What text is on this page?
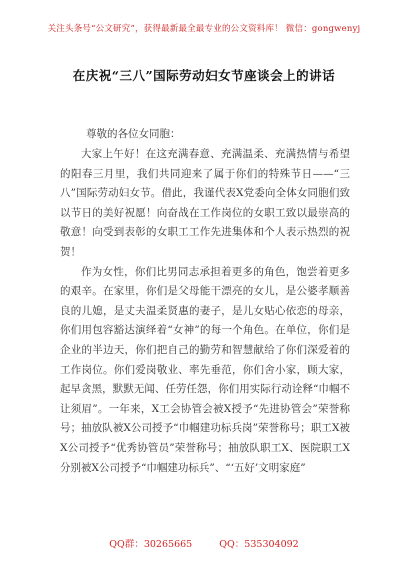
关注头条号“公文研究”，获得最新最全最专业的公文资料库！ 微信：gongwenyj
在庆祝“三八”国际劳动妇女节座谈会上的讲话
尊敬的各位女同胞：

大家上午好！在这充满春意、充满温柔、充满热情与希望的阳春三月里，我们共同迎来了属于你们的特殊节日——“三八”国际劳动妇女节。借此，我谨代表X党委向全体女同胞们致以节日的美好祝愿！向奋战在工作岗位的女职工致以最崇高的敬意！向受到表彰的女职工工作先进集体和个人表示热烈的祝贺！

作为女性，你们比男同志承担着更多的角色，饱尝着更多的艰辛。在家里，你们是父母能干漂亮的女儿，是公婆孝顺善良的儿媳，是丈夫温柔贤惠的妻子，是儿女贴心依恋的母亲，你们用包容豁达演绎着“女神”的每一个角色。在单位，你们是企业的半边天，你们把自己的勤劳和智慧献给了你们深爱着的工作岗位。你们爱岗敬业、率先垂范，你们舍小家，顾大家，起早贪黑，默默无闻、任劳任怨，你们用实际行动诠释“巾帼不让须眉”。一年来，X工会协管会被X授予“先进协管会”荣誉称号；抽放队被X公司授予“巾帼建功标兵岗”荣誉称号；职工X被X公司授予“优秀协管员”荣誉称号；抽放队职工X、医院职工X分别被X公司授予“巾帼建功标兵”、“‘五好’文明家庭”

QQ群：30265665	QQ：535304092
